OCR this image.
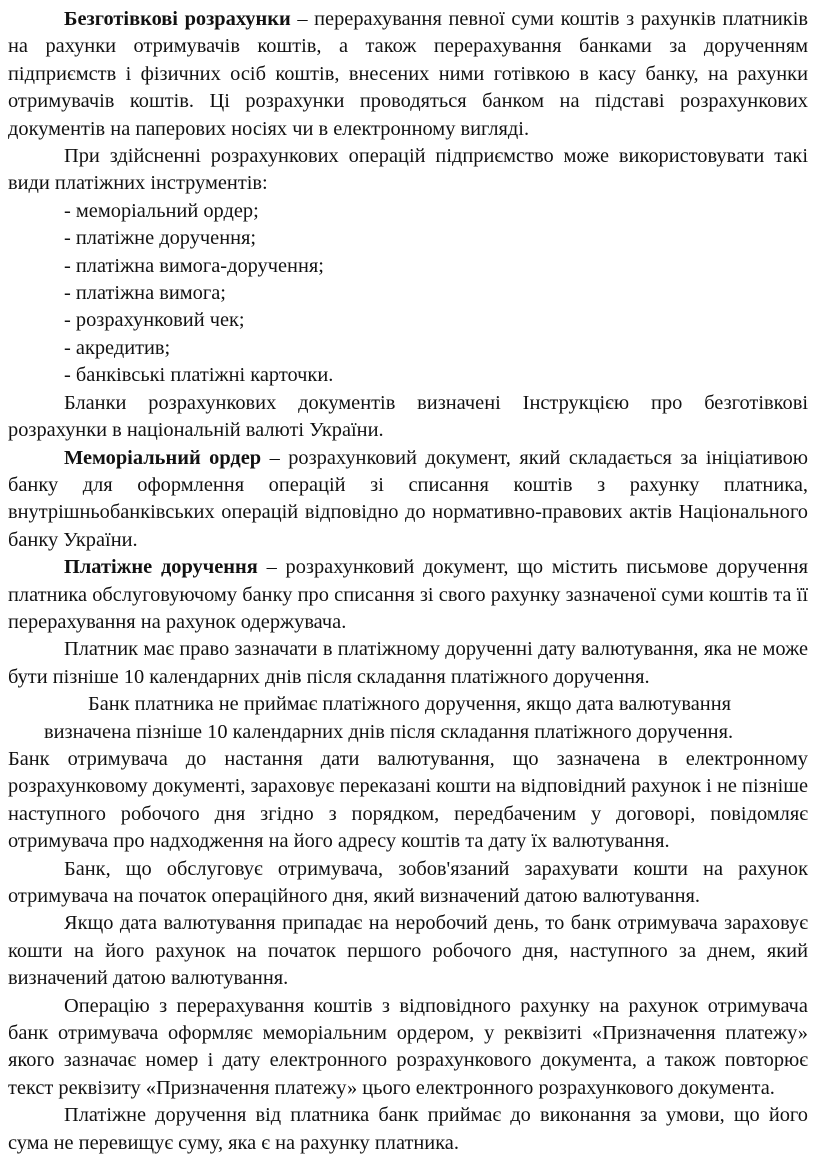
Безготівкові розрахунки – перерахування певної суми коштів з рахунків платників на рахунки отримувачів коштів, а також перерахування банками за дорученням підприємств і фізичних осіб коштів, внесених ними готівкою в касу банку, на рахунки отримувачів коштів. Ці розрахунки проводяться банком на підставі розрахункових документів на паперових носіях чи в електронному вигляді.

При здійсненні розрахункових операцій підприємство може використовувати такі види платіжних інструментів:

- меморіальний ордер;

- платіжне доручення;

- платіжна вимога-доручення;

- платіжна вимога;

- розрахунковий чек;

- акредитив;

- банківські платіжні карточки.

Бланки розрахункових документів визначені Інструкцією про безготівкові розрахунки в національній валюті України.

Меморіальний ордер – розрахунковий документ, який складається за ініціативою банку для оформлення операцій зі списання коштів з рахунку платника, внутрішньобанківських операцій відповідно до нормативно-правових актів Національного банку України.

Платіжне доручення – розрахунковий документ, що містить письмове доручення платника обслуговуючому банку про списання зі свого рахунку зазначеної суми коштів та її перерахування на рахунок одержувача.

Платник має право зазначати в платіжному дорученні дату валютування, яка не може бути пізніше 10 календарних днів після складання платіжного доручення.

Банк платника не приймає платіжного доручення, якщо дата валютування

визначена пізніше 10 календарних днів після складання платіжного доручення.

Банк отримувача до настання дати валютування, що зазначена в електронному розрахунковому документі, зараховує переказані кошти на відповідний рахунок і не пізніше наступного робочого дня згідно з порядком, передбаченим у договорі, повідомляє отримувача про надходження на його адресу коштів та дату їх валютування.

Банк, що обслуговує отримувача, зобов'язаний зарахувати кошти на рахунок отримувача на початок операційного дня, який визначений датою валютування.

Якщо дата валютування припадає на неробочий день, то банк отримувача зараховує кошти на його рахунок на початок першого робочого дня, наступного за днем, який визначений датою валютування.

Операцію з перерахування коштів з відповідного рахунку на рахунок отримувача банк отримувача оформляє меморіальним ордером, у реквізиті «Призначення платежу» якого зазначає номер і дату електронного розрахункового документа, а також повторює текст реквізиту «Призначення платежу» цього електронного розрахункового документа.

Платіжне доручення від платника банк приймає до виконання за умови, що його сума не перевищує суму, яка є на рахунку платника.
